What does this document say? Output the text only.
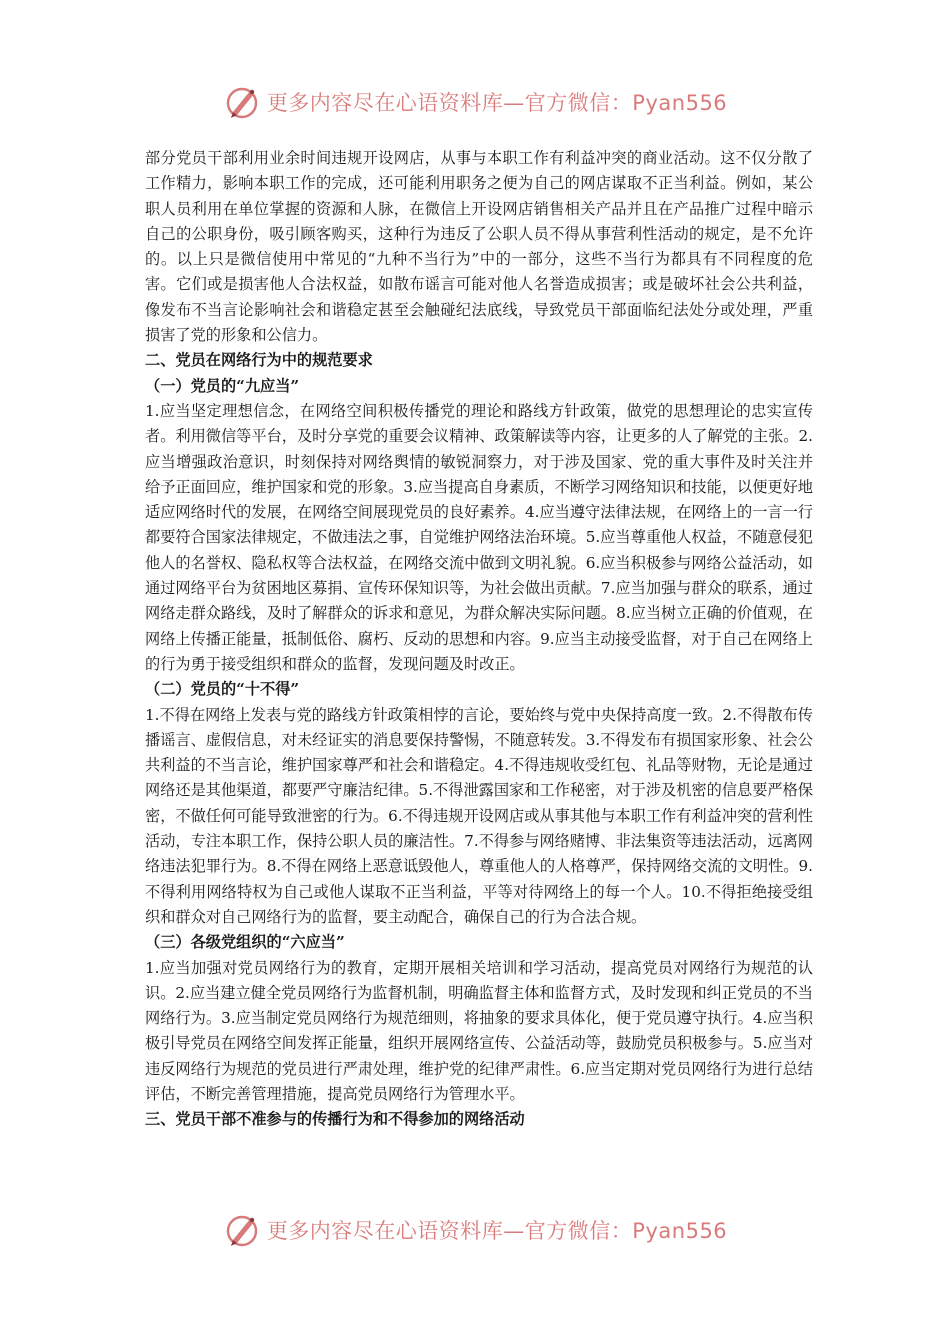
更多内容尽在心语资料库—官方微信：Pyan556

部分党员干部利用业余时间违规开设网店，从事与本职工作有利益冲突的商业活动。这不仅分散了工作精力，影响本职工作的完成，还可能利用职务之便为自己的网店谋取不正当利益。例如，某公职人员利用在单位掌握的资源和人脉，在微信上开设网店销售相关产品并且在产品推广过程中暗示自己的公职身份，吸引顾客购买，这种行为违反了公职人员不得从事营利性活动的规定，是不允许的。以上只是微信使用中常见的“九种不当行为”中的一部分，这些不当行为都具有不同程度的危害。它们或是损害他人合法权益，如散布谣言可能对他人名誉造成损害；或是破坏社会公共利益，像发布不当言论影响社会和谐稳定甚至会触碰纪法底线，导致党员干部面临纪法处分或处理，严重损害了党的形象和公信力。

二、党员在网络行为中的规范要求

（一）党员的“九应当”

1.应当坚定理想信念，在网络空间积极传播党的理论和路线方针政策，做党的思想理论的忠实宣传者。利用微信等平台，及时分享党的重要会议精神、政策解读等内容，让更多的人了解党的主张。2.应当增强政治意识，时刻保持对网络舆情的敏锐洞察力，对于涉及国家、党的重大事件及时关注并给予正面回应，维护国家和党的形象。3.应当提高自身素质，不断学习网络知识和技能，以便更好地适应网络时代的发展，在网络空间展现党员的良好素养。4.应当遵守法律法规，在网络上的一言一行都要符合国家法律规定，不做违法之事，自觉维护网络法治环境。5.应当尊重他人权益，不随意侵犯他人的名誉权、隐私权等合法权益，在网络交流中做到文明礼貌。6.应当积极参与网络公益活动，如通过网络平台为贫困地区募捐、宣传环保知识等，为社会做出贡献。7.应当加强与群众的联系，通过网络走群众路线，及时了解群众的诉求和意见，为群众解决实际问题。8.应当树立正确的价值观，在网络上传播正能量，抵制低俗、腐朽、反动的思想和内容。9.应当主动接受监督，对于自己在网络上的行为勇于接受组织和群众的监督，发现问题及时改正。

（二）党员的“十不得”

1.不得在网络上发表与党的路线方针政策相悖的言论，要始终与党中央保持高度一致。2.不得散布传播谣言、虚假信息，对未经证实的消息要保持警惕，不随意转发。3.不得发布有损国家形象、社会公共利益的不当言论，维护国家尊严和社会和谐稳定。4.不得违规收受红包、礼品等财物，无论是通过网络还是其他渠道，都要严守廉洁纪律。5.不得泄露国家和工作秘密，对于涉及机密的信息要严格保密，不做任何可能导致泄密的行为。6.不得违规开设网店或从事其他与本职工作有利益冲突的营利性活动，专注本职工作，保持公职人员的廉洁性。7.不得参与网络赌博、非法集资等违法活动，远离网络违法犯罪行为。8.不得在网络上恶意诋毁他人，尊重他人的人格尊严，保持网络交流的文明性。9.不得利用网络特权为自己或他人谋取不正当利益，平等对待网络上的每一个人。10.不得拒绝接受组织和群众对自己网络行为的监督，要主动配合，确保自己的行为合法合规。

（三）各级党组织的“六应当”

1.应当加强对党员网络行为的教育，定期开展相关培训和学习活动，提高党员对网络行为规范的认识。2.应当建立健全党员网络行为监督机制，明确监督主体和监督方式，及时发现和纠正党员的不当网络行为。3.应当制定党员网络行为规范细则，将抽象的要求具体化，便于党员遵守执行。4.应当积极引导党员在网络空间发挥正能量，组织开展网络宣传、公益活动等，鼓励党员积极参与。5.应当对违反网络行为规范的党员进行严肃处理，维护党的纪律严肃性。6.应当定期对党员网络行为进行总结评估，不断完善管理措施，提高党员网络行为管理水平。

三、党员干部不准参与的传播行为和不得参加的网络活动

更多内容尽在心语资料库—官方微信：Pyan556
